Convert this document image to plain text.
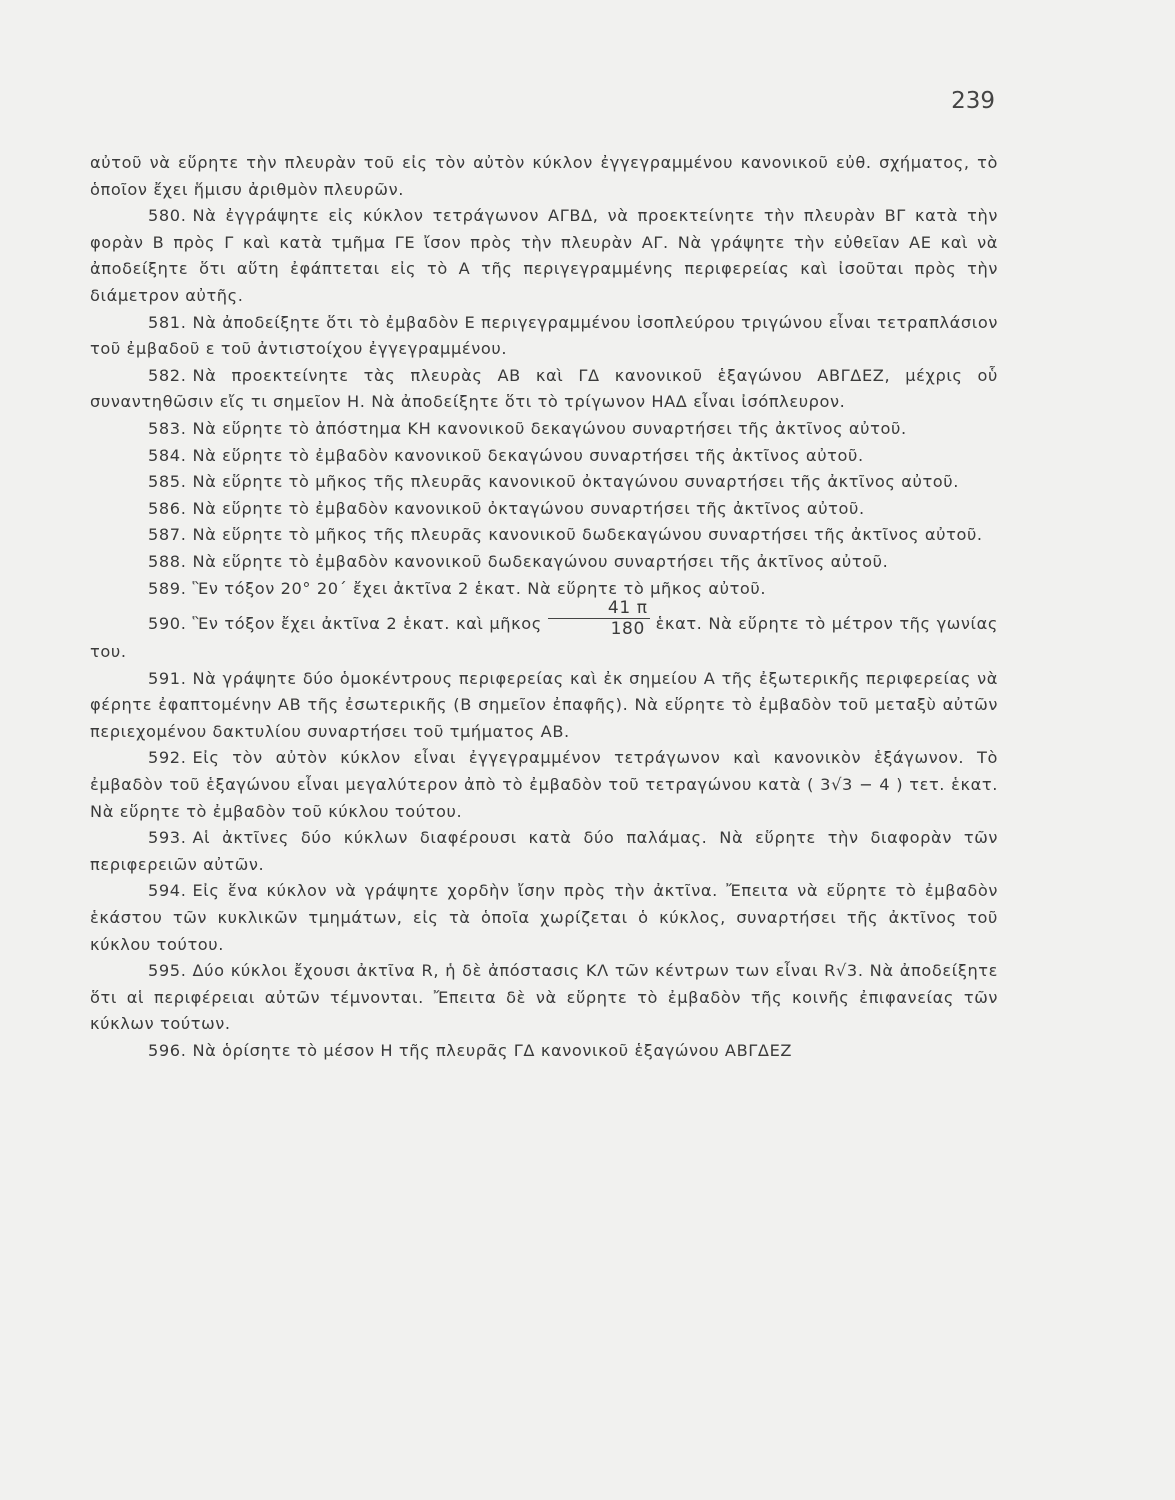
239

αὐτοῦ νὰ εὕρητε τὴν πλευρὰν τοῦ εἰς τὸν αὐτὸν κύκλον ἐγγεγραμμένου κανονικοῦ εὐθ. σχήματος, τὸ ὁποῖον ἔχει ἥμισυ ἀριθμὸν πλευρῶν.

580. Νὰ ἐγγράψητε εἰς κύκλον τετράγωνον ΑΓΒΔ, νὰ προεκτείνητε τὴν πλευρὰν ΒΓ κατὰ τὴν φορὰν Β πρὸς Γ καὶ κατὰ τμῆμα ΓΕ ἴσον πρὸς τὴν πλευρὰν ΑΓ. Νὰ γράψητε τὴν εὐθεῖαν ΑΕ καὶ νὰ ἀποδείξητε ὅτι αὕτη ἐφάπτεται εἰς τὸ Α τῆς περιγεγραμμένης περιφερείας καὶ ἰσοῦται πρὸς τὴν διάμετρον αὐτῆς.

581. Νὰ ἀποδείξητε ὅτι τὸ ἐμβαδὸν Ε περιγεγραμμένου ἰσοπλεύρου τριγώνου εἶναι τετραπλάσιον τοῦ ἐμβαδοῦ ε τοῦ ἀντιστοίχου ἐγγεγραμμένου.

582. Νὰ προεκτείνητε τὰς πλευρὰς ΑΒ καὶ ΓΔ κανονικοῦ ἑξαγώνου ΑΒΓΔΕΖ, μέχρις οὗ συναντηθῶσιν εἴς τι σημεῖον Η. Νὰ ἀποδείξητε ὅτι τὸ τρίγωνον ΗΑΔ εἶναι ἰσόπλευρον.

583. Νὰ εὕρητε τὸ ἀπόστημα ΚΗ κανονικοῦ δεκαγώνου συναρτήσει τῆς ἀκτῖνος αὐτοῦ.

584. Νὰ εὕρητε τὸ ἐμβαδὸν κανονικοῦ δεκαγώνου συναρτήσει τῆς ἀκτῖνος αὐτοῦ.

585. Νὰ εὕρητε τὸ μῆκος τῆς πλευρᾶς κανονικοῦ ὀκταγώνου συναρτήσει τῆς ἀκτῖνος αὐτοῦ.

586. Νὰ εὕρητε τὸ ἐμβαδὸν κανονικοῦ ὀκταγώνου συναρτήσει τῆς ἀκτῖνος αὐτοῦ.

587. Νὰ εὕρητε τὸ μῆκος τῆς πλευρᾶς κανονικοῦ δωδεκαγώνου συναρτήσει τῆς ἀκτῖνος αὐτοῦ.

588. Νὰ εὕρητε τὸ ἐμβαδὸν κανονικοῦ δωδεκαγώνου συναρτήσει τῆς ἀκτῖνος αὐτοῦ.

589. Ἓν τόξον 20° 20΄ ἔχει ἀκτῖνα 2 ἑκατ. Νὰ εὕρητε τὸ μῆκος αὐτοῦ.

590. Ἓν τόξον ἔχει ἀκτῖνα 2 ἑκατ. καὶ μῆκος $\frac{41 \pi}{180}$ ἑκατ. Νὰ εὕρητε τὸ μέτρον τῆς γωνίας του.

591. Νὰ γράψητε δύο ὁμοκέντρους περιφερείας καὶ ἐκ σημείου Α τῆς ἐξωτερικῆς περιφερείας νὰ φέρητε ἐφαπτομένην ΑΒ τῆς ἐσωτερικῆς (Β σημεῖον ἐπαφῆς). Νὰ εὕρητε τὸ ἐμβαδὸν τοῦ μεταξὺ αὐτῶν περιεχομένου δακτυλίου συναρτήσει τοῦ τμήματος ΑΒ.

592. Εἰς τὸν αὐτὸν κύκλον εἶναι ἐγγεγραμμένον τετράγωνον καὶ κανονικὸν ἑξάγωνον. Τὸ ἐμβαδὸν τοῦ ἑξαγώνου εἶναι μεγαλύτερον ἀπὸ τὸ ἐμβαδὸν τοῦ τετραγώνου κατὰ ( 3√3 − 4 ) τετ. ἑκατ. Νὰ εὕρητε τὸ ἐμβαδὸν τοῦ κύκλου τούτου.

593. Αἱ ἀκτῖνες δύο κύκλων διαφέρουσι κατὰ δύο παλάμας. Νὰ εὕρητε τὴν διαφορὰν τῶν περιφερειῶν αὐτῶν.

594. Εἰς ἕνα κύκλον νὰ γράψητε χορδὴν ἴσην πρὸς τὴν ἀκτῖνα. Ἔπειτα νὰ εὕρητε τὸ ἐμβαδὸν ἑκάστου τῶν κυκλικῶν τμημάτων, εἰς τὰ ὁποῖα χωρίζεται ὁ κύκλος, συναρτήσει τῆς ἀκτῖνος τοῦ κύκλου τούτου.

595. Δύο κύκλοι ἔχουσι ἀκτῖνα R, ἡ δὲ ἀπόστασις ΚΛ τῶν κέντρων των εἶναι R√3. Νὰ ἀποδείξητε ὅτι αἱ περιφέρειαι αὐτῶν τέμνονται. Ἔπειτα δὲ νὰ εὕρητε τὸ ἐμβαδὸν τῆς κοινῆς ἐπιφανείας τῶν κύκλων τούτων.

596. Νὰ ὁρίσητε τὸ μέσον Η τῆς πλευρᾶς ΓΔ κανονικοῦ ἑξαγώνου ΑΒΓΔΕΖ
